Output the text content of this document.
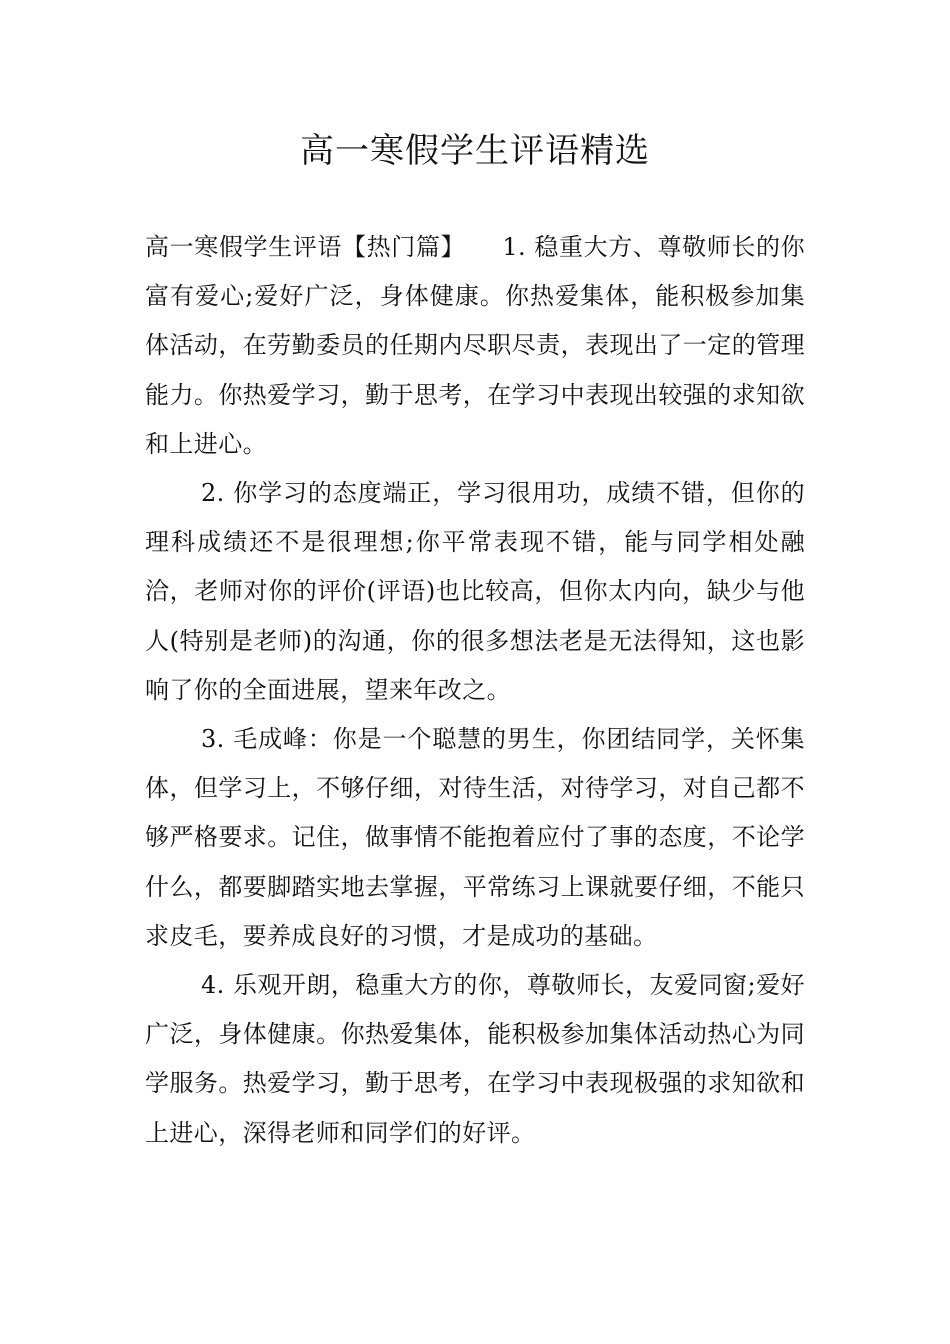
高一寒假学生评语精选

高一寒假学生评语【热门篇】　　1. 稳重大方、尊敬师长的你富有爱心;爱好广泛，身体健康。你热爱集体，能积极参加集体活动，在劳勤委员的任期内尽职尽责，表现出了一定的管理能力。你热爱学习，勤于思考，在学习中表现出较强的求知欲和上进心。

2. 你学习的态度端正，学习很用功，成绩不错，但你的理科成绩还不是很理想;你平常表现不错，能与同学相处融洽，老师对你的评价(评语)也比较高，但你太内向，缺少与他人(特别是老师)的沟通，你的很多想法老是无法得知，这也影响了你的全面进展，望来年改之。

3. 毛成峰：你是一个聪慧的男生，你团结同学，关怀集体，但学习上，不够仔细，对待生活，对待学习，对自己都不够严格要求。记住，做事情不能抱着应付了事的态度，不论学什么，都要脚踏实地去掌握，平常练习上课就要仔细，不能只求皮毛，要养成良好的习惯，才是成功的基础。

4. 乐观开朗，稳重大方的你，尊敬师长，友爱同窗;爱好广泛，身体健康。你热爱集体，能积极参加集体活动热心为同学服务。热爱学习，勤于思考，在学习中表现极强的求知欲和上进心，深得老师和同学们的好评。
